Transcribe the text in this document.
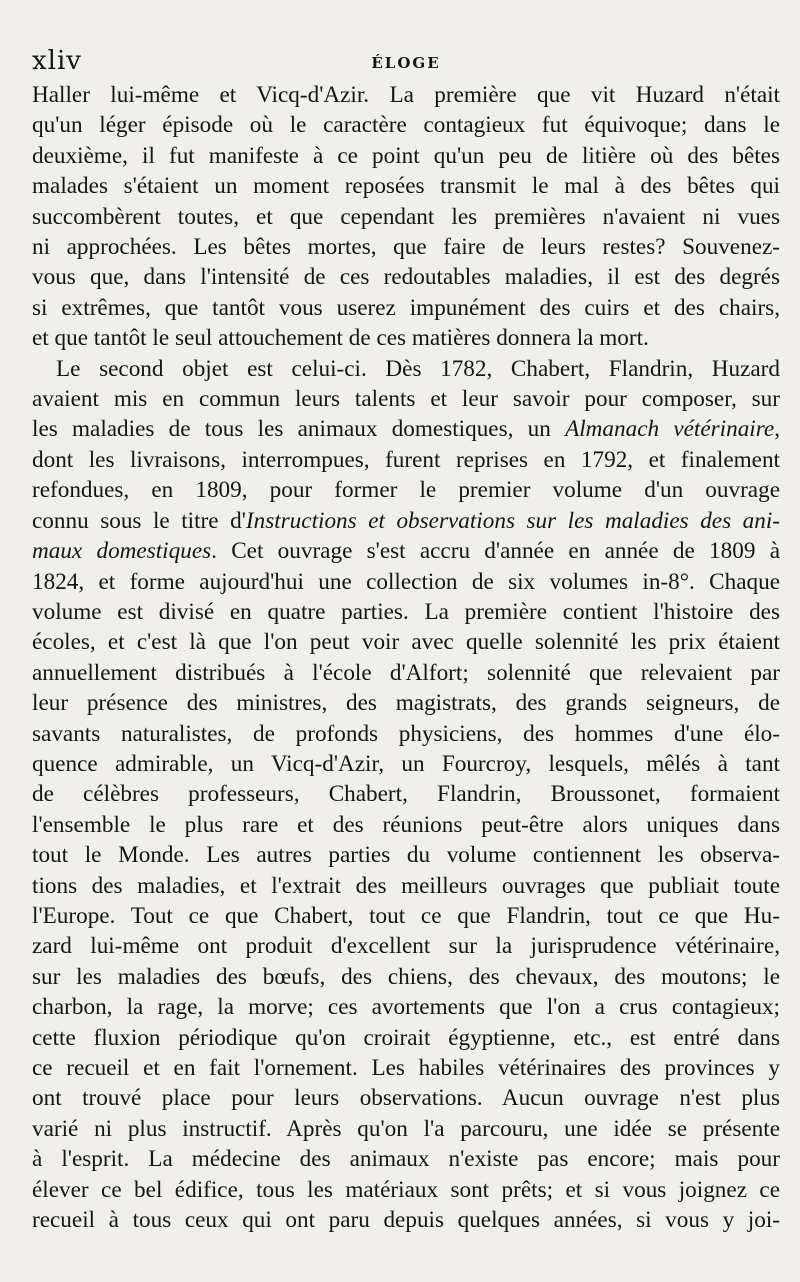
xliv	ÉLOGE
Haller lui-même et Vicq-d'Azir. La première que vit Huzard n'était
qu'un léger épisode où le caractère contagieux fut équivoque; dans le
deuxième, il fut manifeste à ce point qu'un peu de litière où des bêtes
malades s'étaient un moment reposées transmit le mal à des bêtes qui
succombèrent toutes, et que cependant les premières n'avaient ni vues
ni approchées. Les bêtes mortes, que faire de leurs restes? Souvenez-
vous que, dans l'intensité de ces redoutables maladies, il est des degrés
si extrêmes, que tantôt vous userez impunément des cuirs et des chairs,
et que tantôt le seul attouchement de ces matières donnera la mort.
Le second objet est celui-ci. Dès 1782, Chabert, Flandrin, Huzard
avaient mis en commun leurs talents et leur savoir pour composer, sur
les maladies de tous les animaux domestiques, un Almanach vétérinaire,
dont les livraisons, interrompues, furent reprises en 1792, et finalement
refondues, en 1809, pour former le premier volume d'un ouvrage
connu sous le titre d'Instructions et observations sur les maladies des ani-
maux domestiques. Cet ouvrage s'est accru d'année en année de 1809 à
1824, et forme aujourd'hui une collection de six volumes in-8°. Chaque
volume est divisé en quatre parties. La première contient l'histoire des
écoles, et c'est là que l'on peut voir avec quelle solennité les prix étaient
annuellement distribués à l'école d'Alfort; solennité que relevaient par
leur présence des ministres, des magistrats, des grands seigneurs, de
savants naturalistes, de profonds physiciens, des hommes d'une élo-
quence admirable, un Vicq-d'Azir, un Fourcroy, lesquels, mêlés à tant
de célèbres professeurs, Chabert, Flandrin, Broussonet, formaient
l'ensemble le plus rare et des réunions peut-être alors uniques dans
tout le Monde. Les autres parties du volume contiennent les observa-
tions des maladies, et l'extrait des meilleurs ouvrages que publiait toute
l'Europe. Tout ce que Chabert, tout ce que Flandrin, tout ce que Hu-
zard lui-même ont produit d'excellent sur la jurisprudence vétérinaire,
sur les maladies des bœufs, des chiens, des chevaux, des moutons; le
charbon, la rage, la morve; ces avortements que l'on a crus contagieux;
cette fluxion périodique qu'on croirait égyptienne, etc., est entré dans
ce recueil et en fait l'ornement. Les habiles vétérinaires des provinces y
ont trouvé place pour leurs observations. Aucun ouvrage n'est plus
varié ni plus instructif. Après qu'on l'a parcouru, une idée se présente
à l'esprit. La médecine des animaux n'existe pas encore; mais pour
élever ce bel édifice, tous les matériaux sont prêts; et si vous joignez ce
recueil à tous ceux qui ont paru depuis quelques années, si vous y joi-
